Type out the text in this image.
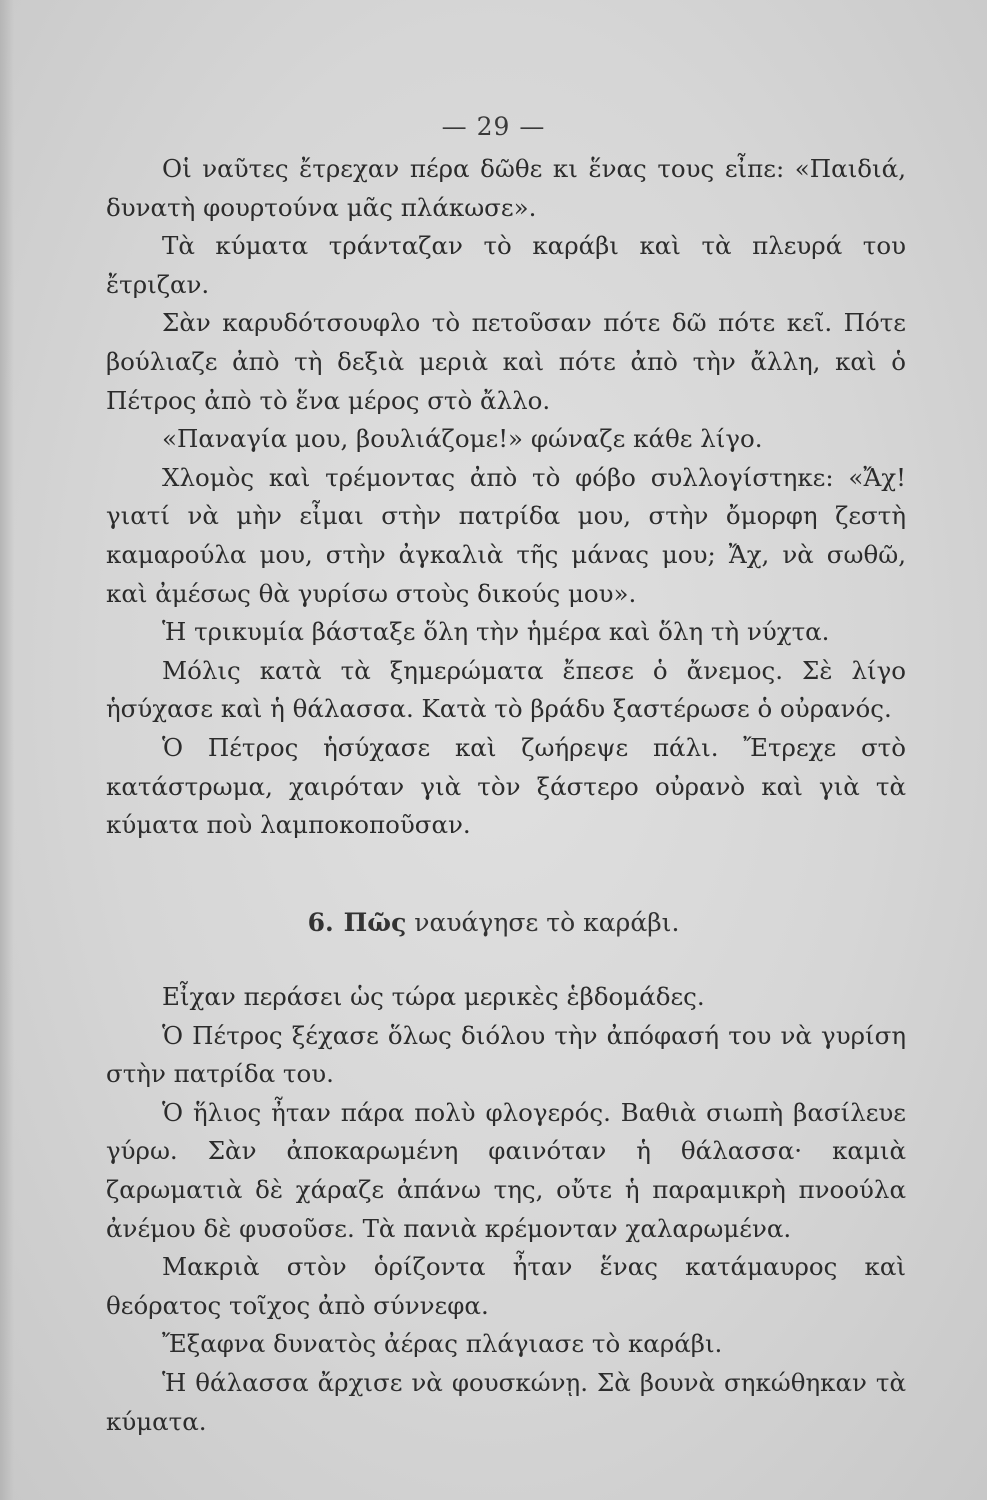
— 29 —

Οἱ ναῦτες ἔτρεχαν πέρα δῶθε κι ἕνας τους εἶπε: «Παιδιά, δυνατὴ φουρτούνα μᾶς πλάκωσε».

Τὰ κύματα τράνταζαν τὸ καράβι καὶ τὰ πλευρά του ἔτριζαν.

Σὰν καρυδότσουφλο τὸ πετοῦσαν πότε δῶ πότε κεῖ. Πότε βούλιαζε ἀπὸ τὴ δεξιὰ μεριὰ καὶ πότε ἀπὸ τὴν ἄλλη, καὶ ὁ Πέτρος ἀπὸ τὸ ἕνα μέρος στὸ ἄλλο.

«Παναγία μου, βουλιάζομε!» φώναζε κάθε λίγο.

Χλομὸς καὶ τρέμοντας ἀπὸ τὸ φόβο συλλογίστηκε: «Ἄχ! γιατί νὰ μὴν εἶμαι στὴν πατρίδα μου, στὴν ὄμορφη ζεστὴ καμαρούλα μου, στὴν ἀγκαλιὰ τῆς μάνας μου; Ἄχ, νὰ σωθῶ, καὶ ἀμέσως θὰ γυρίσω στοὺς δικούς μου».

Ἡ τρικυμία βάσταξε ὅλη τὴν ἡμέρα καὶ ὅλη τὴ νύχτα.

Μόλις κατὰ τὰ ξημερώματα ἔπεσε ὁ ἄνεμος. Σὲ λίγο ἡσύχασε καὶ ἡ θάλασσα. Κατὰ τὸ βράδυ ξαστέρωσε ὁ οὐρανός.

Ὁ Πέτρος ἡσύχασε καὶ ζωήρεψε πάλι. Ἔτρεχε στὸ κατάστρωμα, χαιρόταν γιὰ τὸν ξάστερο οὐρανὸ καὶ γιὰ τὰ κύματα ποὺ λαμποκοποῦσαν.

6. Πῶς ναυάγησε τὸ καράβι.

Εἶχαν περάσει ὡς τώρα μερικὲς ἑβδομάδες.

Ὁ Πέτρος ξέχασε ὅλως διόλου τὴν ἀπόφασή του νὰ γυρίση στὴν πατρίδα του.

Ὁ ἥλιος ἦταν πάρα πολὺ φλογερός. Βαθιὰ σιωπὴ βασίλευε γύρω. Σὰν ἀποκαρωμένη φαινόταν ἡ θάλασσα· καμιὰ ζαρωματιὰ δὲ χάραζε ἀπάνω της, οὔτε ἡ παραμικρὴ πνοούλα ἀνέμου δὲ φυσοῦσε. Τὰ πανιὰ κρέμονταν χαλαρωμένα.

Μακριὰ στὸν ὁρίζοντα ἦταν ἕνας κατάμαυρος καὶ θεόρατος τοῖχος ἀπὸ σύννεφα.

Ἔξαφνα δυνατὸς ἀέρας πλάγιασε τὸ καράβι.

Ἡ θάλασσα ἄρχισε νὰ φουσκώνῃ. Σὰ βουνὰ σηκώθηκαν τὰ κύματα.
